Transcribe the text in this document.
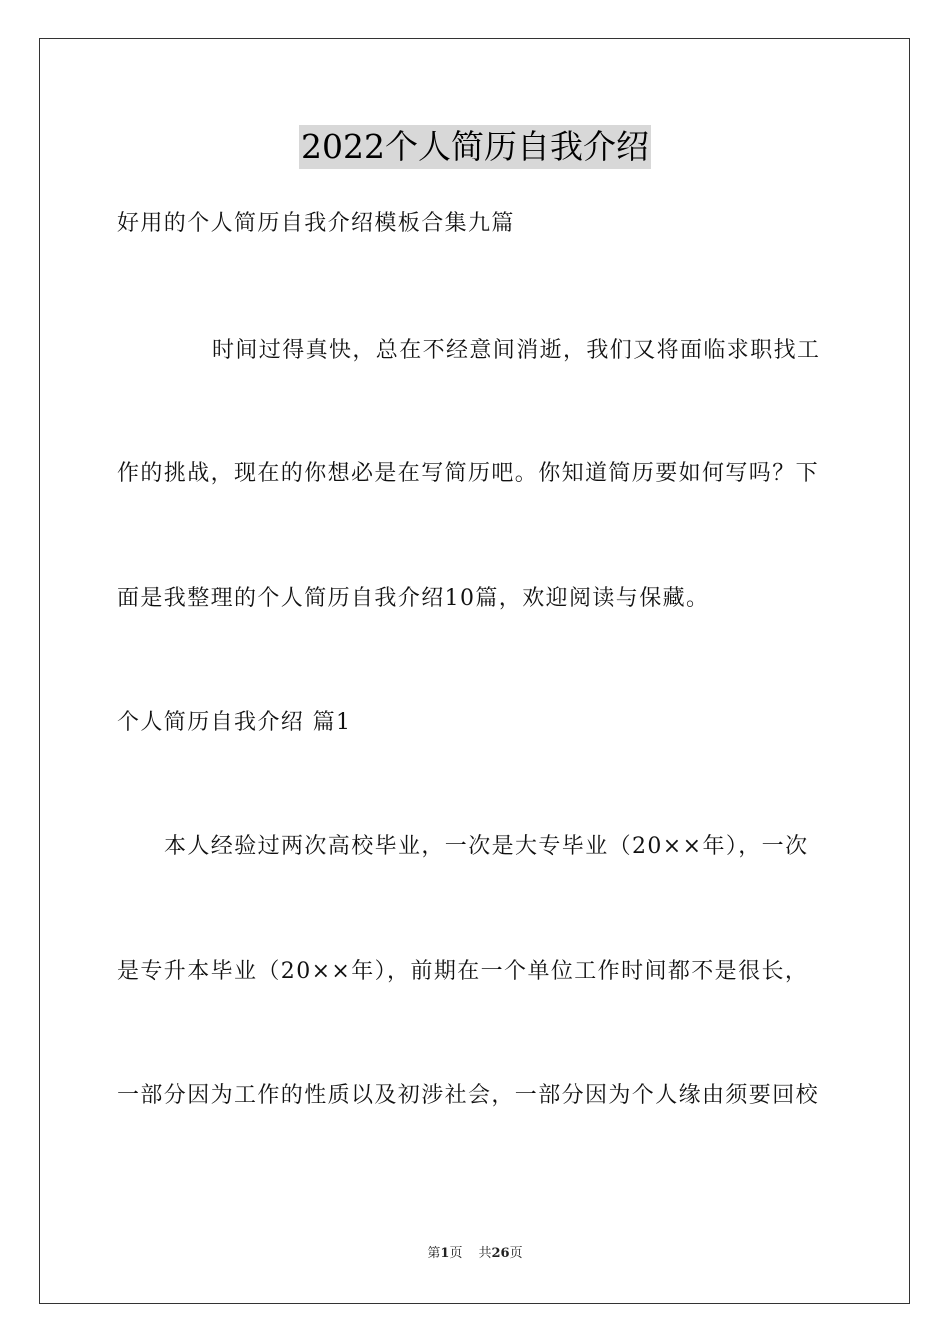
2022个人简历自我介绍
好用的个人简历自我介绍模板合集九篇
时间过得真快，总在不经意间消逝，我们又将面临求职找工
作的挑战，现在的你想必是在写简历吧。你知道简历要如何写吗？下
面是我整理的个人简历自我介绍10篇，欢迎阅读与保藏。
个人简历自我介绍 篇1
本人经验过两次高校毕业，一次是大专毕业（20××年），一次
是专升本毕业（20××年），前期在一个单位工作时间都不是很长，
一部分因为工作的性质以及初涉社会，一部分因为个人缘由须要回校
第1页 共26页
